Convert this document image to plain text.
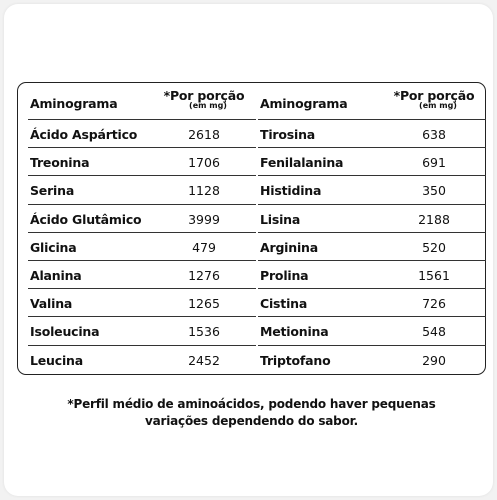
Aminograma
*Por porção
(em mg)
Ácido Aspártico	2618
Treonina	1706
Serina	1128
Ácido Glutâmico	3999
Glicina	479
Alanina	1276
Valina	1265
Isoleucina	1536
Leucina	2452
Aminograma
*Por porção
(em mg)
Tirosina	638
Fenilalanina	691
Histidina	350
Lisina	2188
Arginina	520
Prolina	1561
Cistina	726
Metionina	548
Triptofano	290
*Perfil médio de aminoácidos, podendo haver pequenas
variações dependendo do sabor.
